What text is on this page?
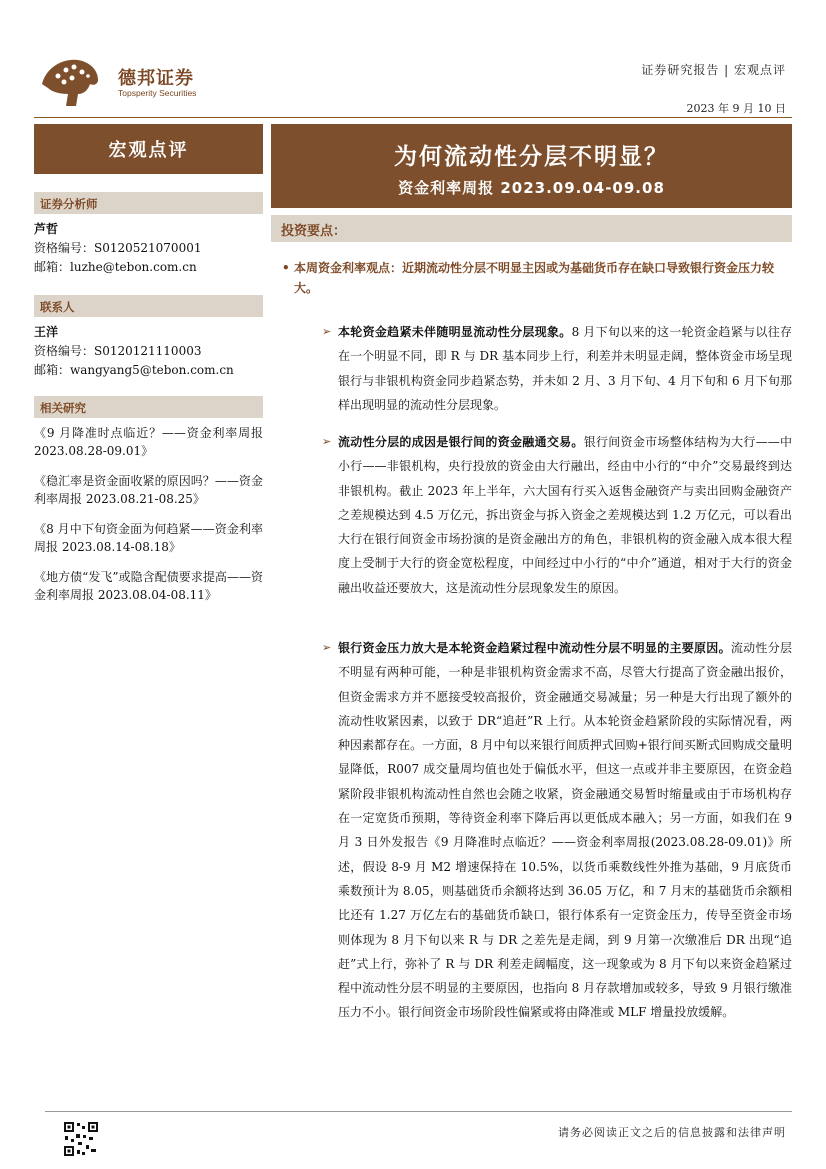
德邦证券
Topsperity Securities
证券研究报告 | 宏观点评
2023 年 9 月 10 日
宏观点评	为何流动性分层不明显？
资金利率周报 2023.09.04-09.08
证券分析师
芦哲
资格编号：S0120521070001
邮箱：luzhe@tebon.com.cn
联系人
王洋
资格编号：S0120121110003
邮箱：wangyang5@tebon.com.cn
相关研究
《9 月降准时点临近？——资金利率周报 2023.08.28-09.01》
《稳汇率是资金面收紧的原因吗？——资金利率周报 2023.08.21-08.25》
《8 月中下旬资金面为何趋紧——资金利率周报 2023.08.14-08.18》
《地方债“发飞”或隐含配债要求提高——资金利率周报 2023.08.04-08.11》
投资要点：
• 本周资金利率观点：近期流动性分层不明显主因或为基础货币存在缺口导致银行资金压力较大。
➢ 本轮资金趋紧未伴随明显流动性分层现象。8 月下旬以来的这一轮资金趋紧与以往存在一个明显不同，即 R 与 DR 基本同步上行，利差并未明显走阔，整体资金市场呈现银行与非银机构资金同步趋紧态势，并未如 2 月、3 月下旬、4 月下旬和 6 月下旬那样出现明显的流动性分层现象。
➢ 流动性分层的成因是银行间的资金融通交易。银行间资金市场整体结构为大行——中小行——非银机构，央行投放的资金由大行融出，经由中小行的“中介”交易最终到达非银机构。截止 2023 年上半年，六大国有行买入返售金融资产与卖出回购金融资产之差规模达到 4.5 万亿元，拆出资金与拆入资金之差规模达到 1.2 万亿元，可以看出大行在银行间资金市场扮演的是资金融出方的角色，非银机构的资金融入成本很大程度上受制于大行的资金宽松程度，中间经过中小行的“中介”通道，相对于大行的资金融出收益还要放大，这是流动性分层现象发生的原因。
➢ 银行资金压力放大是本轮资金趋紧过程中流动性分层不明显的主要原因。流动性分层不明显有两种可能，一种是非银机构资金需求不高，尽管大行提高了资金融出报价，但资金需求方并不愿接受较高报价，资金融通交易减量；另一种是大行出现了额外的流动性收紧因素，以致于 DR“追赶”R 上行。从本轮资金趋紧阶段的实际情况看，两种因素都存在。一方面，8 月中旬以来银行间质押式回购+银行间买断式回购成交量明显降低，R007 成交量周均值也处于偏低水平，但这一点或并非主要原因，在资金趋紧阶段非银机构流动性自然也会随之收紧，资金融通交易暂时缩量或由于市场机构存在一定宽货币预期，等待资金利率下降后再以更低成本融入；另一方面，如我们在 9 月 3 日外发报告《9 月降准时点临近？——资金利率周报(2023.08.28-09.01)》所述，假设 8-9 月 M2 增速保持在 10.5%，以货币乘数线性外推为基础，9 月底货币乘数预计为 8.05，则基础货币余额将达到 36.05 万亿，和 7 月末的基础货币余额相比还有 1.27 万亿左右的基础货币缺口，银行体系有一定资金压力，传导至资金市场则体现为 8 月下旬以来 R 与 DR 之差先是走阔，到 9 月第一次缴准后 DR 出现“追赶”式上行，弥补了 R 与 DR 利差走阔幅度，这一现象或为 8 月下旬以来资金趋紧过程中流动性分层不明显的主要原因，也指向 8 月存款增加或较多，导致 9 月银行缴准压力不小。银行间资金市场阶段性偏紧或将由降准或 MLF 增量投放缓解。
请务必阅读正文之后的信息披露和法律声明
